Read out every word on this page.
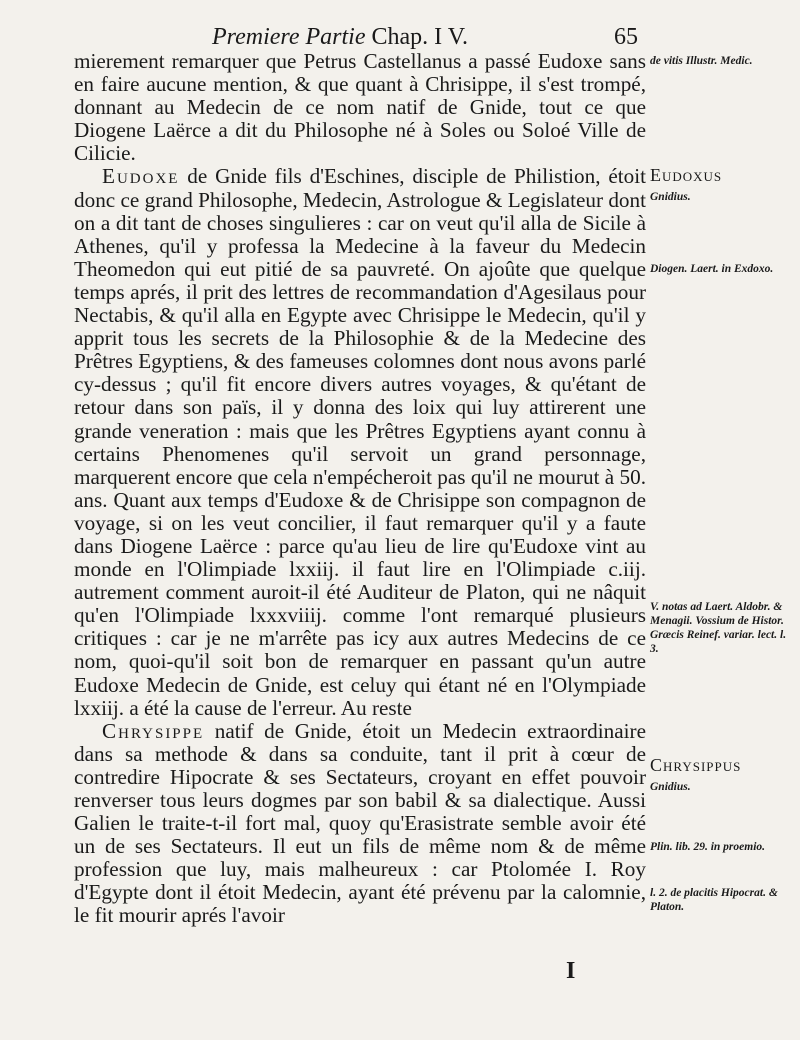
Premiere Partie Chap. I V.	65

mierement remarquer que Petrus Castellanus a passé Eudoxe sans en faire aucune mention, & que quant à Chrisippe, il s'est trompé, donnant au Medecin de ce nom natif de Gnide, tout ce que Diogene Laërce a dit du Philosophe né à Soles ou Soloé Ville de Cilicie.

Eudoxe de Gnide fils d'Eschines, disciple de Philistion, étoit donc ce grand Philosophe, Medecin, Astrologue & Legislateur dont on a dit tant de choses singulieres : car on veut qu'il alla de Sicile à Athenes, qu'il y professa la Medecine à la faveur du Medecin Theomedon qui eut pitié de sa pauvreté. On ajoûte que quelque temps aprés, il prit des lettres de recommandation d'Agesilaus pour Nectabis, & qu'il alla en Egypte avec Chrisippe le Medecin, qu'il y apprit tous les secrets de la Philosophie & de la Medecine des Prêtres Egyptiens, & des fameuses colomnes dont nous avons parlé cy-dessus ; qu'il fit encore divers autres voyages, & qu'étant de retour dans son païs, il y donna des loix qui luy attirerent une grande veneration : mais que les Prêtres Egyptiens ayant connu à certains Phenomenes qu'il servoit un grand personnage, marquerent encore que cela n'empécheroit pas qu'il ne mourut à 50. ans. Quant aux temps d'Eudoxe & de Chrisippe son compagnon de voyage, si on les veut concilier, il faut remarquer qu'il y a faute dans Diogene Laërce : parce qu'au lieu de lire qu'Eudoxe vint au monde en l'Olimpiade lxxiij. il faut lire en l'Olimpiade c.iij. autrement comment auroit-il été Auditeur de Platon, qui ne nâquit qu'en l'Olimpiade lxxxviiij. comme l'ont remarqué plusieurs critiques : car je ne m'arrête pas icy aux autres Medecins de ce nom, quoi-qu'il soit bon de remarquer en passant qu'un autre Eudoxe Medecin de Gnide, est celuy qui étant né en l'Olympiade lxxiij. a été la cause de l'erreur. Au reste

Chrysippe natif de Gnide, étoit un Medecin extraordinaire dans sa methode & dans sa conduite, tant il prit à cœur de contredire Hipocrate & ses Sectateurs, croyant en effet pouvoir renverser tous leurs dogmes par son babil & sa dialectique. Aussi Galien le traite-t-il fort mal, quoy qu'Erasistrate semble avoir été un de ses Sectateurs. Il eut un fils de même nom & de même profession que luy, mais malheureux : car Ptolomée I. Roy d'Egypte dont il étoit Medecin, ayant été prévenu par la calomnie, le fit mourir aprés l'avoir

de vitis Illustr. Medic.
Eudoxus
Gnidius.
Diogen. Laert. in Exdoxo.
V. notas ad Laert. Aldobr. & Menagii. Vossium de Histor. Græcis Reinef. variar. lect. l. 3.
Chrysippus
Gnidius.
Plin. lib. 29. in proemio.
l. 2. de placitis Hipocrat. & Platon.
I
